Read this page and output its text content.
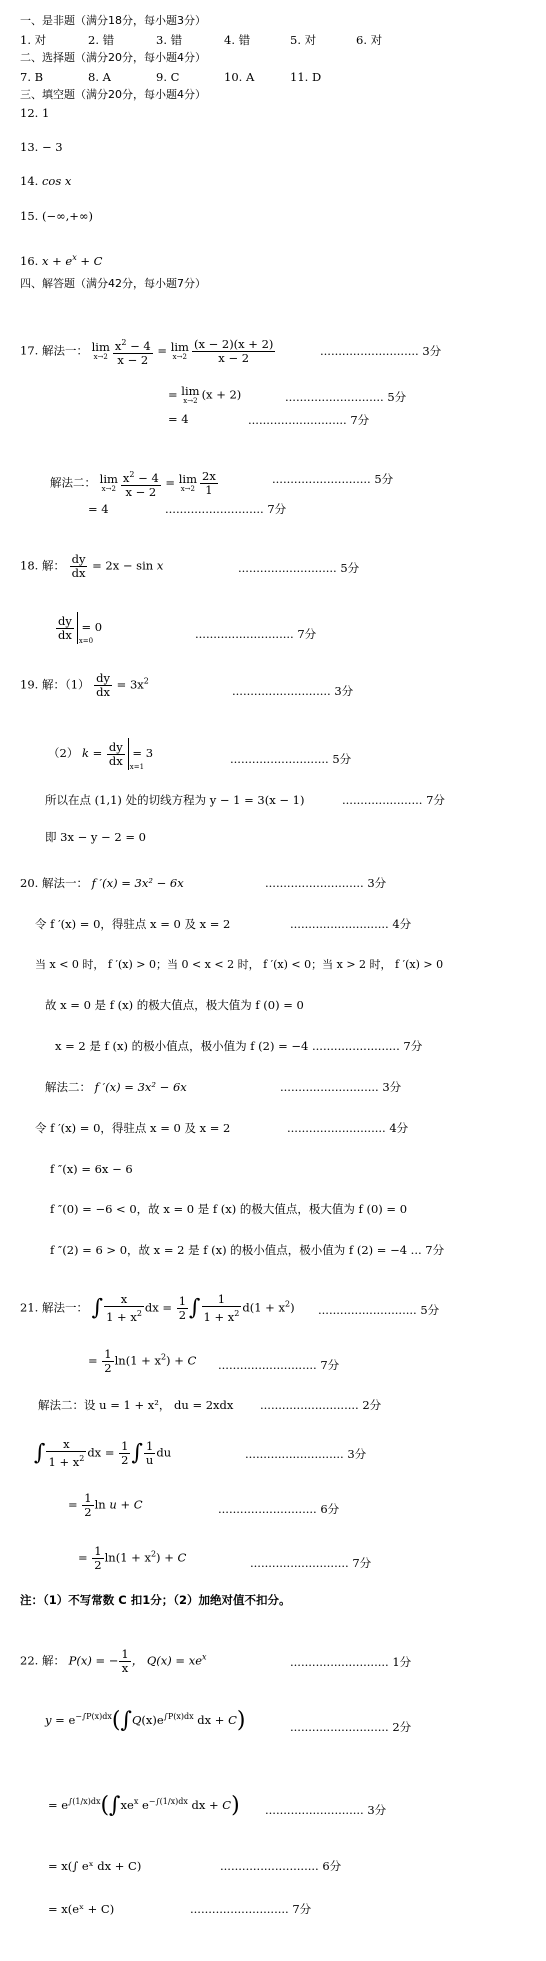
一、是非题（满分18分，每小题3分）
1. 对	2. 错	3. 错	4. 错	5. 对	6. 对
二、选择题（满分20分，每小题4分）
7. B	8. A	9. C	10. A	11. D
三、填空题（满分20分，每小题4分）
12. 1
13. − 3
14. cos x
15. (−∞,+∞)
16. $x + e^x + C$
四、解答题（满分42分，每小题7分）
17. 解法一： lim
$x\to 2 \frac{x^2 - 4}{x - 2} = \lim$
$x\to 2 \frac{(x - 2)(x + 2)}{x - 2}$	........................... 3分
= lim
x→2 (x + 2)	........................... 5分
= 4	........................... 7分
解法二： lim
$x\to 2 \frac{x^2 - 4}{x - 2} = \lim$
$x\to 2 \frac{2x}{1}$	........................... 5分
= 4	........................... 7分
18. 解： $\frac{dy}{dx} = 2x - \sin x$	........................... 5分
$\frac{dy}{dx} x=0$
= 0	........................... 7分
19. 解：$(1) \frac{dy}{dx} = 3x^2$
........................... 3分
（2） $k = \frac{dy}{dx} x=1$
= 3	........................... 5分
所以在点 (1,1) 处的切线方程为 y − 1 = 3(x − 1)	...................... 7分
即 3x − y − 2 = 0
20. 解法一： f ′(x) = 3x² − 6x	........................... 3分
令 f ′(x) = 0，得驻点 x = 0 及 x = 2	........................... 4分
当 x < 0 时， f ′(x) > 0；当 0 < x < 2 时， f ′(x) < 0；当 x > 2 时， f ′(x) > 0
故 x = 0 是 f (x) 的极大值点，极大值为 f (0) = 0
x = 2 是 f (x) 的极小值点，极小值为 f (2) = −4 ........................ 7分
解法二： f ′(x) = 3x² − 6x	........................... 3分
令 f ′(x) = 0，得驻点 x = 0 及 x = 2	........................... 4分
f ″(x) = 6x − 6
f ″(0) = −6 < 0，故 x = 0 是 f (x) 的极大值点，极大值为 f (0) = 0
f ″(2) = 6 > 0，故 x = 2 是 f (x) 的极小值点，极小值为 f (2) = −4 ... 7分
21. 解法一： ∫ $\frac{x}{1 + x^2}$ dx = $\frac{1}{2}$ ∫ $\frac{1}{1 + x^2} d(1 + x^2)$ ........................... 5分
= $\frac{1}{2} \ln(1 + x^2) + C$ ........................... 7分
解法二：设 u = 1 + x²， du = 2xdx ........................... 2分
∫ $\frac{x}{1 + x^2}$ dx = $\frac{1}{2}$ ∫ $\frac{1}{u}$ du	........................... 3分
= $\frac{1}{2}$ ln u + C	........................... 6分
= $\frac{1}{2} \ln(1 + x^2) + C$	........................... 7分
注：（1）不写常数 C 扣1分；（2）加绝对值不扣分。
22. 解： P(x) = − $\frac{1}{x}$ ， $Q(x) = xe^x$	........................... 1分
$y = e^{-\int P(x)dx}(\int Q(x)e^{\int P(x)dx}$ dx + C)	........................... 2分
= $e^{\int(1/x)dx}(\int xe^x$ $e^{-\int(1/x)dx}$ dx + C) ........................... 3分
= x(∫ eˣ dx + C)	........................... 6分
= x(eˣ + C)	........................... 7分
